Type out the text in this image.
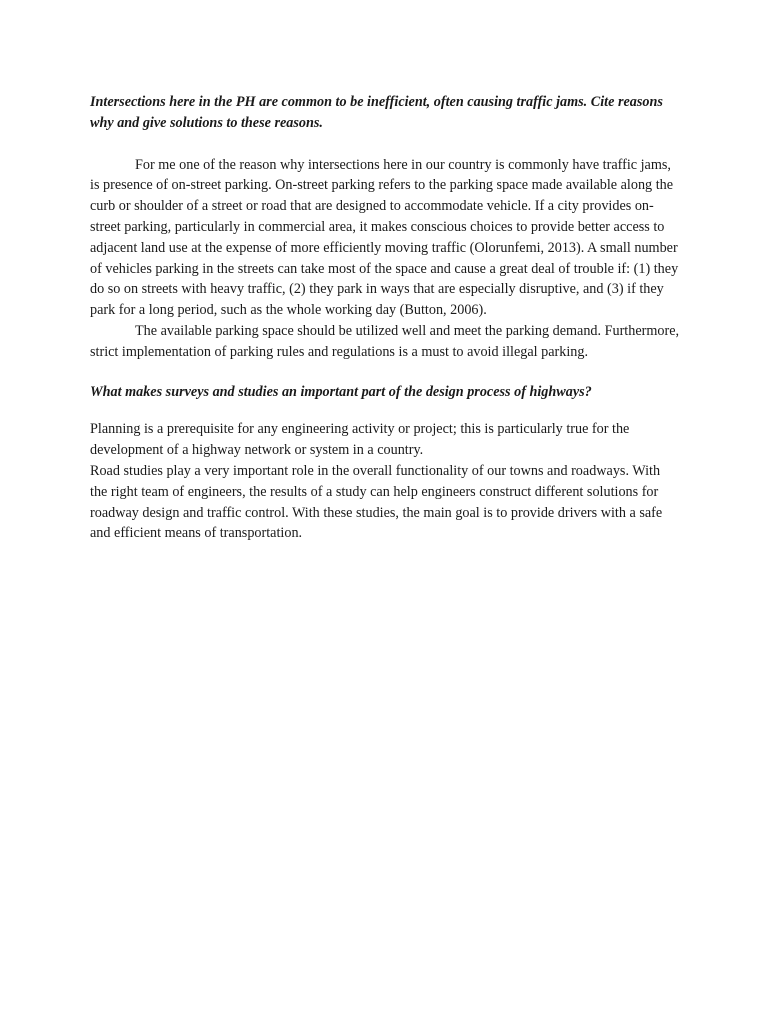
Intersections here in the PH are common to be inefficient, often causing traffic jams. Cite reasons why and give solutions to these reasons.

For me one of the reason why intersections here in our country is commonly have traffic jams, is presence of on-street parking. On-street parking refers to the parking space made available along the curb or shoulder of a street or road that are designed to accommodate vehicle. If a city provides on-street parking, particularly in commercial area, it makes conscious choices to provide better access to adjacent land use at the expense of more efficiently moving traffic (Olorunfemi, 2013). A small number of vehicles parking in the streets can take most of the space and cause a great deal of trouble if: (1) they do so on streets with heavy traffic, (2) they park in ways that are especially disruptive, and (3) if they park for a long period, such as the whole working day (Button, 2006).

The available parking space should be utilized well and meet the parking demand. Furthermore, strict implementation of parking rules and regulations is a must to avoid illegal parking.

What makes surveys and studies an important part of the design process of highways?

Planning is a prerequisite for any engineering activity or project; this is particularly true for the development of a highway network or system in a country.

Road studies play a very important role in the overall functionality of our towns and roadways. With the right team of engineers, the results of a study can help engineers construct different solutions for roadway design and traffic control. With these studies, the main goal is to provide drivers with a safe and efficient means of transportation.
